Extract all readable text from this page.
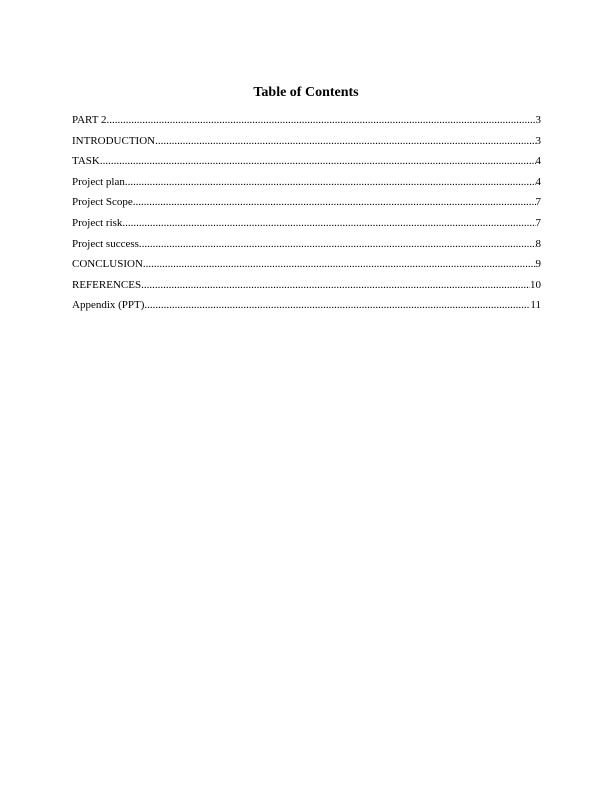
Table of Contents
PART 2 .....	3
INTRODUCTION .....	3
TASK .....	4
Project plan .....	4
Project Scope .....	7
Project risk .....	7
Project success .....	8
CONCLUSION .....	9
REFERENCES .....	10
Appendix (PPT) .....	11
